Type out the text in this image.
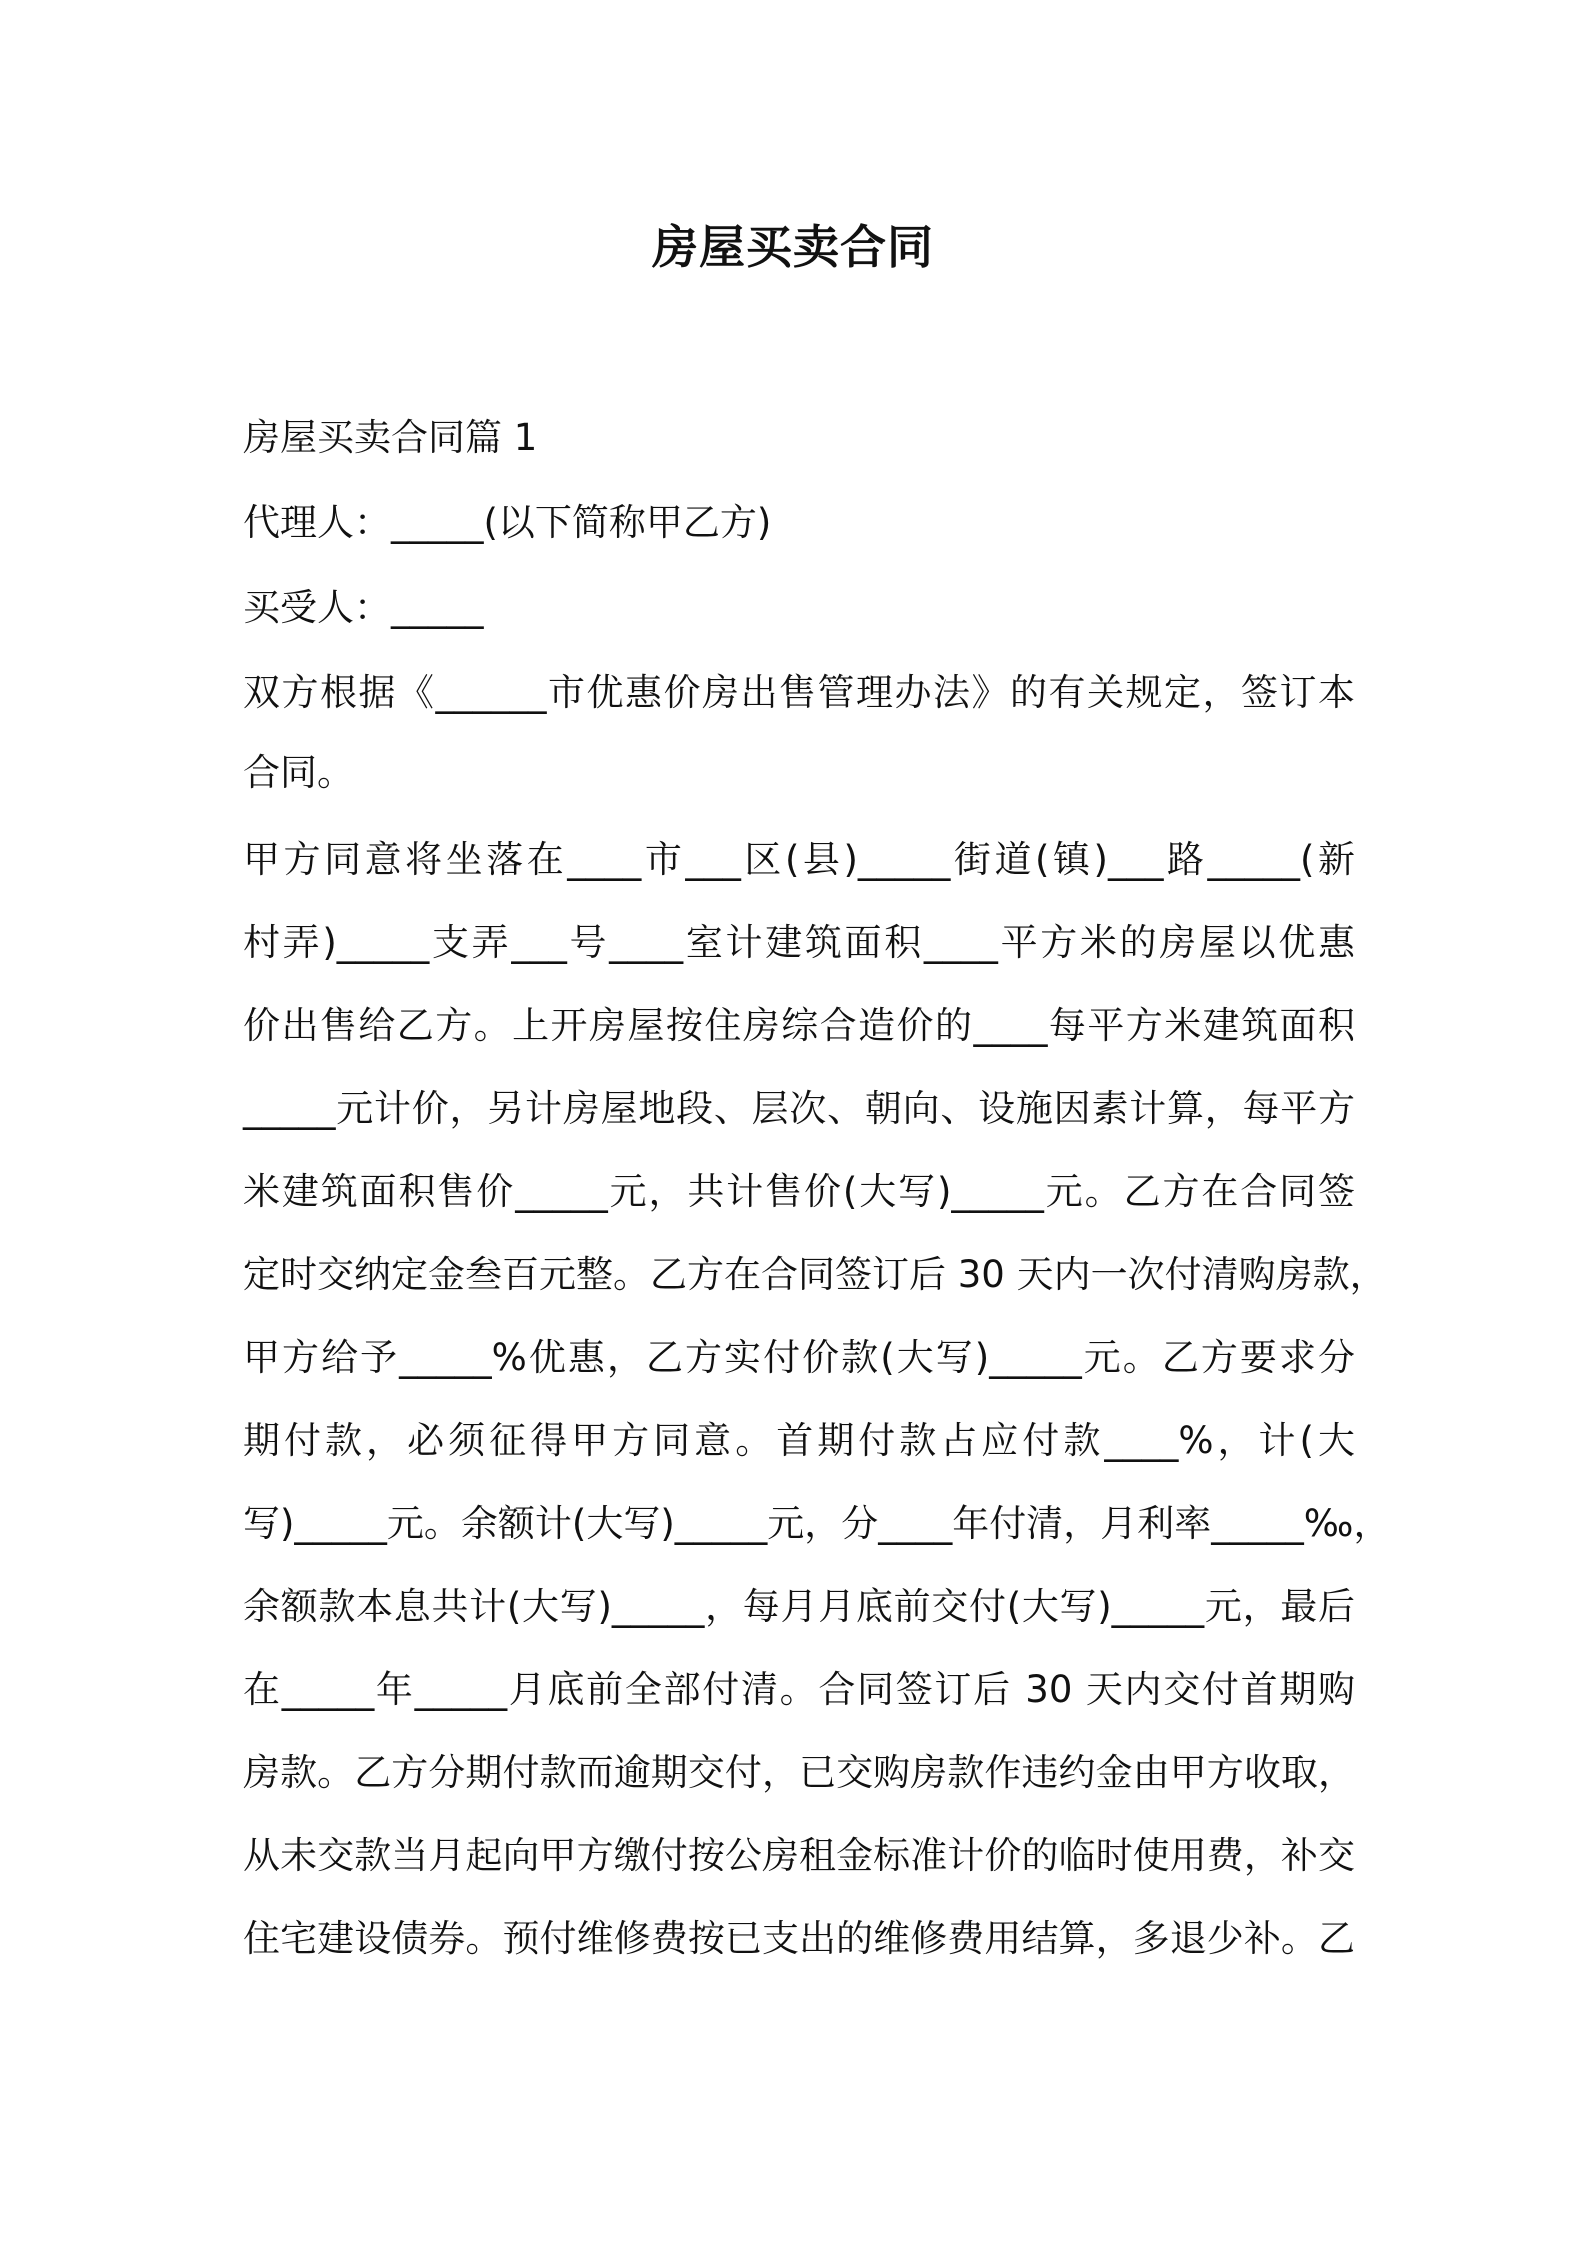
房屋买卖合同
房屋买卖合同篇 1
代理人：_____(以下简称甲乙方)
买受人：_____
双方根据《______市优惠价房出售管理办法》的有关规定，签订本
合同。
甲方同意将坐落在____市___区(县)_____街道(镇)___路_____(新
村弄)_____支弄___号____室计建筑面积____平方米的房屋以优惠
价出售给乙方。上开房屋按住房综合造价的____每平方米建筑面积
_____元计价，另计房屋地段、层次、朝向、设施因素计算，每平方
米建筑面积售价_____元，共计售价(大写)_____元。乙方在合同签
定时交纳定金叁百元整。乙方在合同签订后 30 天内一次付清购房款，
甲方给予_____%优惠，乙方实付价款(大写)_____元。乙方要求分
期付款，必须征得甲方同意。首期付款占应付款____%，计(大
写)_____元。余额计(大写)_____元，分____年付清，月利率_____‰，
余额款本息共计(大写)_____，每月月底前交付(大写)_____元，最后
在_____年_____月底前全部付清。合同签订后 30 天内交付首期购
房款。乙方分期付款而逾期交付，已交购房款作违约金由甲方收取，
从未交款当月起向甲方缴付按公房租金标准计价的临时使用费，补交
住宅建设债券。预付维修费按已支出的维修费用结算，多退少补。乙
